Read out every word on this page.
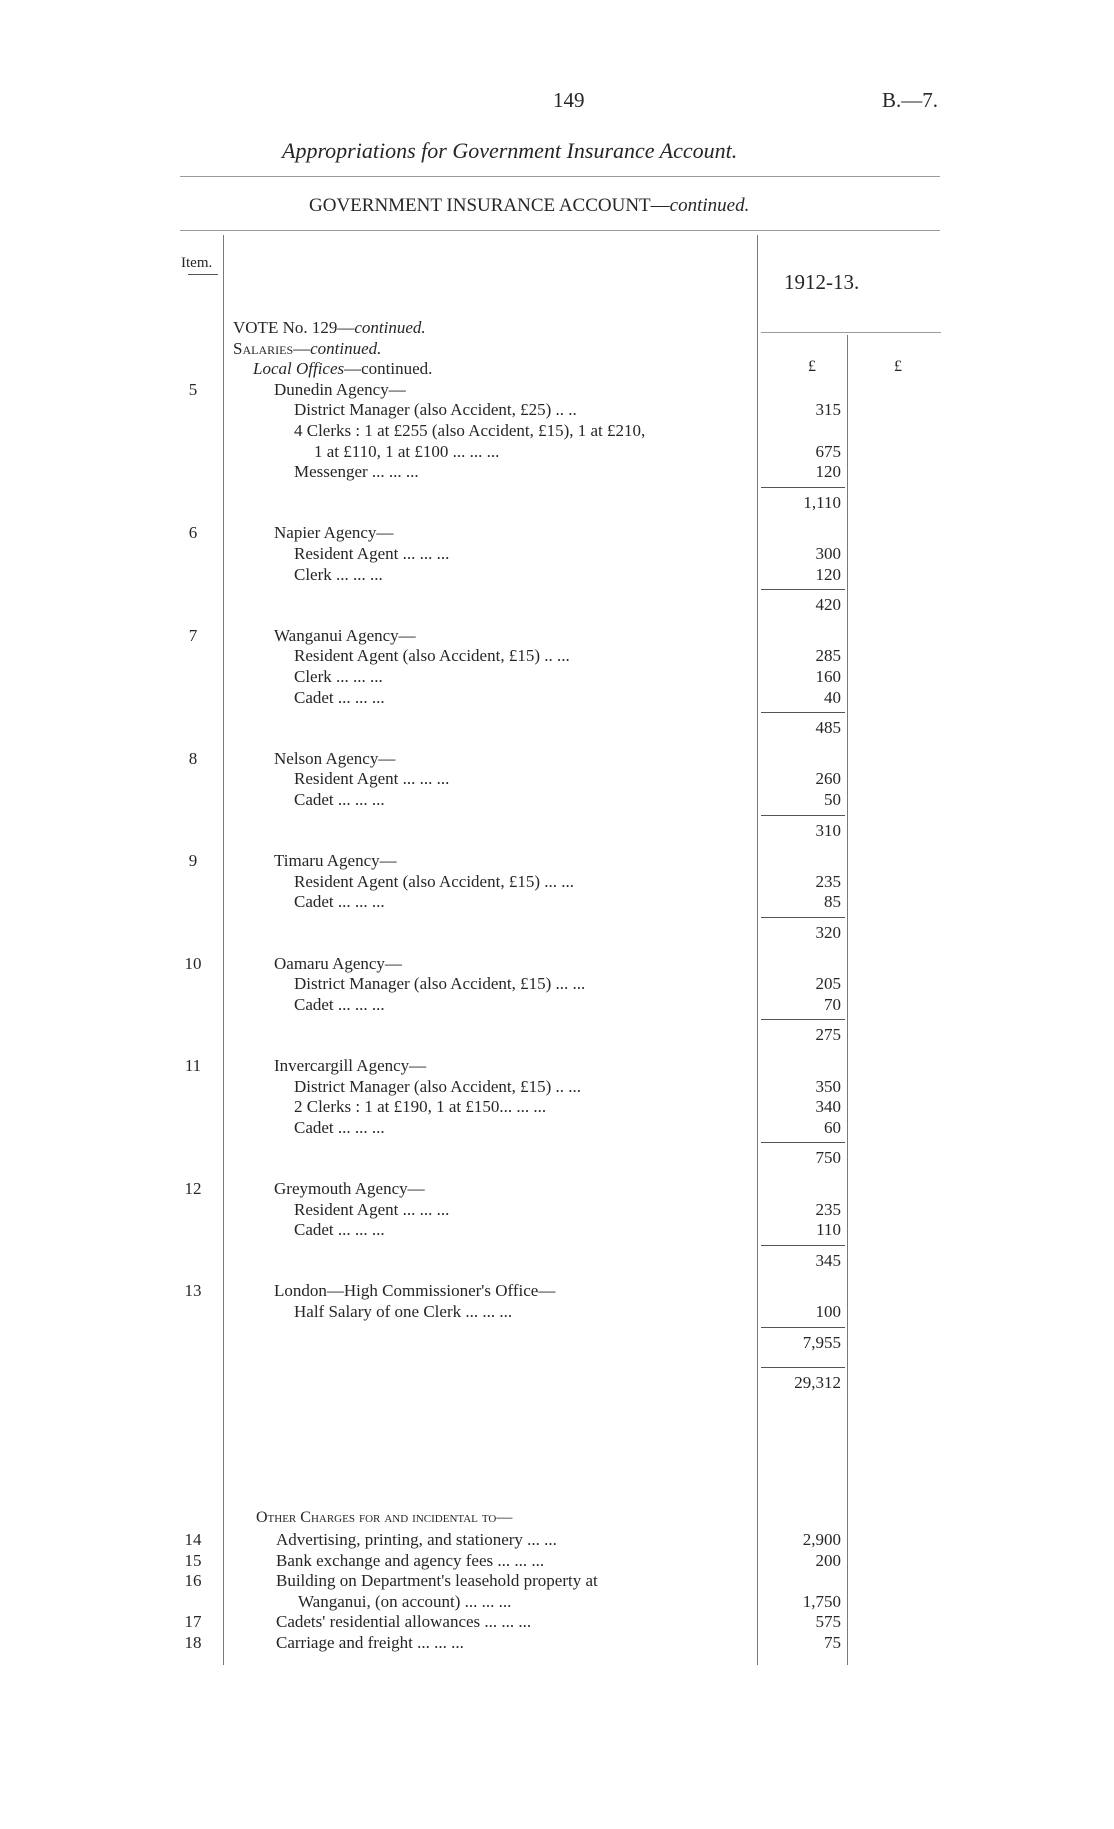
149	B.—7.
Appropriations for Government Insurance Account.
GOVERNMENT INSURANCE ACCOUNT—continued.
Item.
1912-13.
£	£
VOTE No. 129—continued.
Salaries—continued.
Local Offices—continued.
5	Dunedin Agency—
District Manager (also Accident, £25) .. ..	315
4 Clerks : 1 at £255 (also Accident, £15), 1 at £210,
1 at £110, 1 at £100 ... ... ...	675
Messenger ... ... ...	120
1,110
6	Napier Agency—
Resident Agent ... ... ...	300
Clerk ... ... ...	120
420
7	Wanganui Agency—
Resident Agent (also Accident, £15) .. ...	285
Clerk ... ... ...	160
Cadet ... ... ...	40
485
8	Nelson Agency—
Resident Agent ... ... ...	260
Cadet ... ... ...	50
310
9	Timaru Agency—
Resident Agent (also Accident, £15) ... ...	235
Cadet ... ... ...	85
320
10	Oamaru Agency—
District Manager (also Accident, £15) ... ...	205
Cadet ... ... ...	70
275
11	Invercargill Agency—
District Manager (also Accident, £15) .. ...	350
2 Clerks : 1 at £190, 1 at £150... ... ...	340
Cadet ... ... ...	60
750
12	Greymouth Agency—
Resident Agent ... ... ...	235
Cadet ... ... ...	110
345
13	London—High Commissioner's Office—
Half Salary of one Clerk ... ... ...	100
7,955
29,312
Other Charges for and incidental to—
14	Advertising, printing, and stationery ... ...	2,900
15	Bank exchange and agency fees ... ... ...	200
16	Building on Department's leasehold property at
Wanganui, (on account) ... ... ...	1,750
17	Cadets' residential allowances ... ... ...	575
18	Carriage and freight ... ... ...	75
